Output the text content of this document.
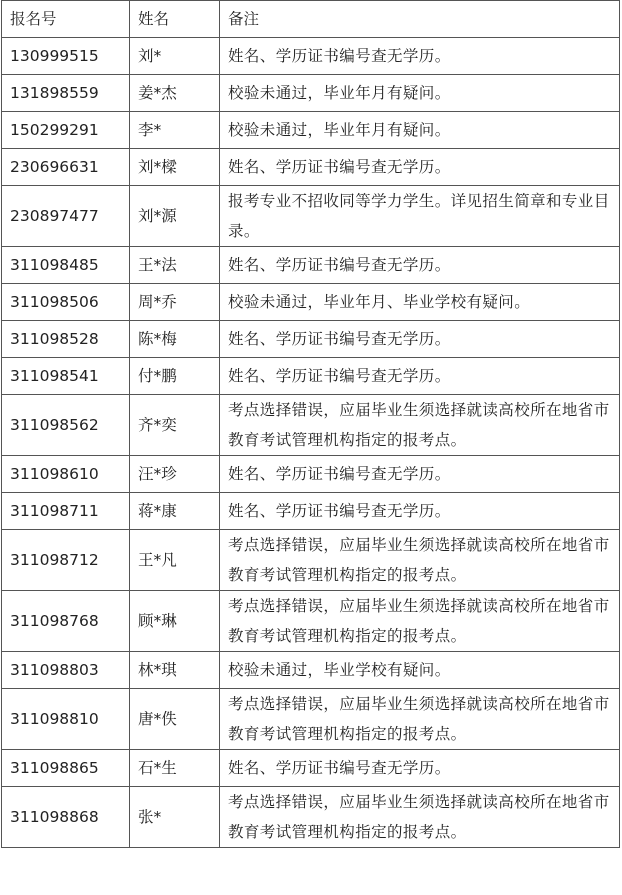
报名号	姓名	备注
130999515	刘*	姓名、学历证书编号查无学历。
131898559	姜*杰	校验未通过，毕业年月有疑问。
150299291	李*	校验未通过，毕业年月有疑问。
230696631	刘*樑	姓名、学历证书编号查无学历。
230897477	刘*源	报考专业不招收同等学力学生。详见招生简章和专业目录。
311098485	王*法	姓名、学历证书编号查无学历。
311098506	周*乔	校验未通过，毕业年月、毕业学校有疑问。
311098528	陈*梅	姓名、学历证书编号查无学历。
311098541	付*鹏	姓名、学历证书编号查无学历。
311098562	齐*奕	考点选择错误，应届毕业生须选择就读高校所在地省市教育考试管理机构指定的报考点。
311098610	汪*珍	姓名、学历证书编号查无学历。
311098711	蒋*康	姓名、学历证书编号查无学历。
311098712	王*凡	考点选择错误，应届毕业生须选择就读高校所在地省市教育考试管理机构指定的报考点。
311098768	顾*琳	考点选择错误，应届毕业生须选择就读高校所在地省市教育考试管理机构指定的报考点。
311098803	林*琪	校验未通过，毕业学校有疑问。
311098810	唐*佚	考点选择错误，应届毕业生须选择就读高校所在地省市教育考试管理机构指定的报考点。
311098865	石*生	姓名、学历证书编号查无学历。
311098868	张*	考点选择错误，应届毕业生须选择就读高校所在地省市教育考试管理机构指定的报考点。
